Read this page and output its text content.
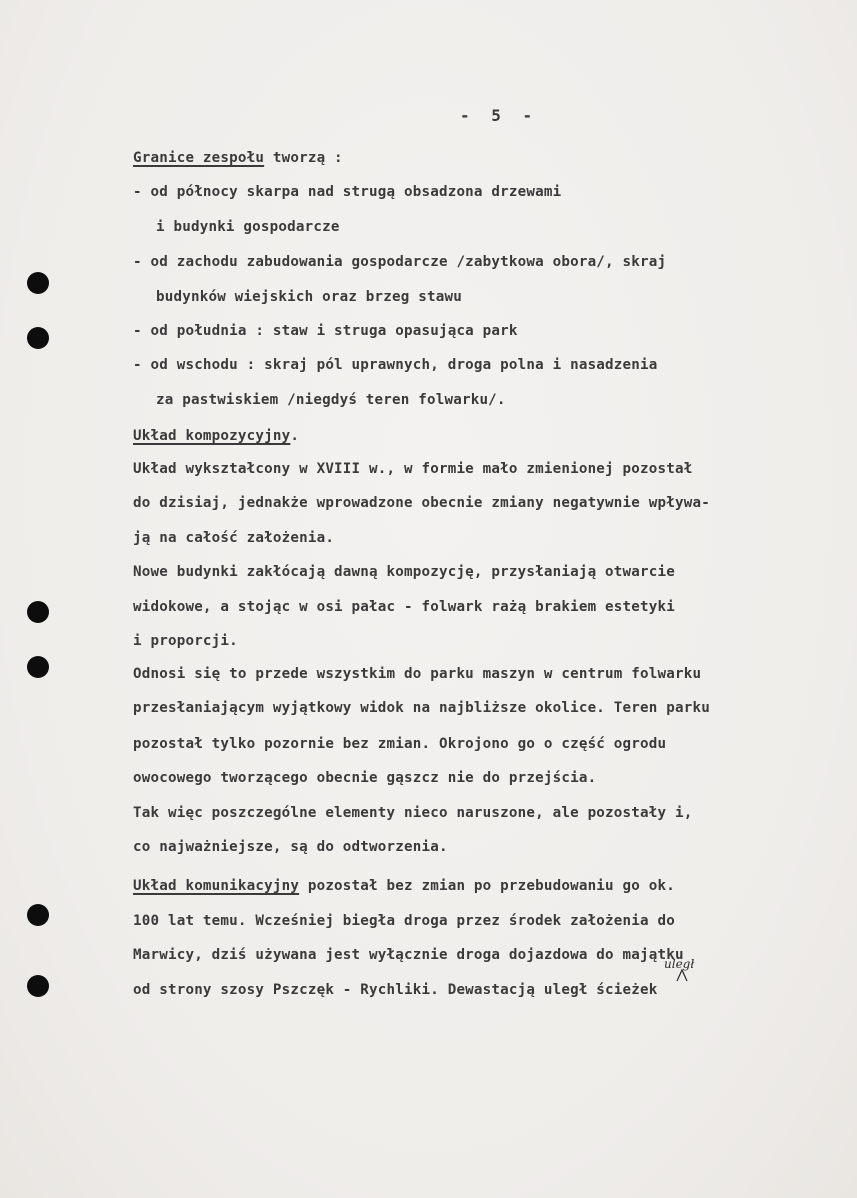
- 5 -
Granice zespołu tworzą :
- od północy skarpa nad strugą obsadzona drzewami
i budynki gospodarcze
- od zachodu zabudowania gospodarcze /zabytkowa obora/, skraj
budynków wiejskich oraz brzeg stawu
- od południa : staw i struga opasująca park
- od wschodu : skraj pól uprawnych, droga polna i nasadzenia
za pastwiskiem /niegdyś teren folwarku/.
Układ kompozycyjny.
Układ wykształcony w XVIII w., w formie mało zmienionej pozostał
do dzisiaj, jednakże wprowadzone obecnie zmiany negatywnie wpływa-
ją na całość założenia.
Nowe budynki zakłócają dawną kompozycję, przysłaniają otwarcie
widokowe, a stojąc w osi pałac - folwark rażą brakiem estetyki
i proporcji.
Odnosi się to przede wszystkim do parku maszyn w centrum folwarku
przesłaniającym wyjątkowy widok na najbliższe okolice. Teren parku
pozostał tylko pozornie bez zmian. Okrojono go o część ogrodu
owocowego tworzącego obecnie gąszcz nie do przejścia.
Tak więc poszczególne elementy nieco naruszone, ale pozostały i,
co najważniejsze, są do odtworzenia.
Układ komunikacyjny pozostał bez zmian po przebudowaniu go ok.
100 lat temu. Wcześniej biegła droga przez środek założenia do
Marwicy, dziś używana jest wyłącznie droga dojazdowa do majątku
od strony szosy Pszczęk - Rychliki. Dewastacją uległ ścieżek
uległ
